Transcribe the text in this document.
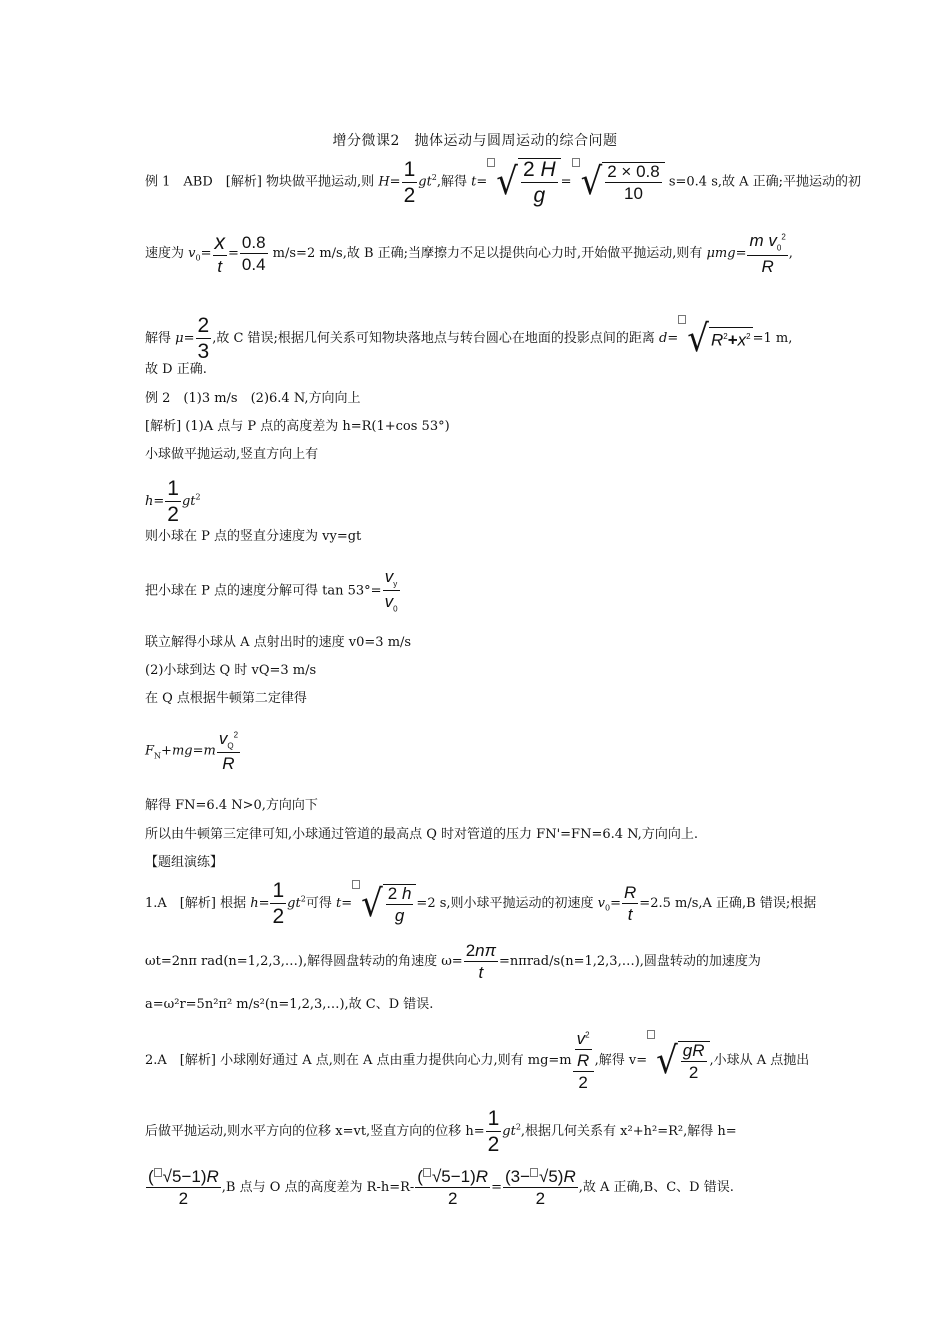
增分微课2　抛体运动与圆周运动的综合问题
例 1　ABD　[解析] 物块做平抛运动,则 $H= \frac{1}{2} gt^2$,解得 t= √ $\frac{2 H}{g}$ = √ $\frac{2 \times 0.8}{10} s=0.4$ s,故 A 正确;平抛运动的初
速度为 $v_0= \frac{x}{t} = \frac{0.8}{0.4} m/s=2$ m/s,故 B 正确;当摩擦力不足以提供向心力时,开始做平抛运动,则有 $\mu mg= \frac{m v_0^2}{R}$ ,
解得 $\mu= \frac{2}{3}$ ,故 C 错误;根据几何关系可知物块落地点与转台圆心在地面的投影点间的距离 d= √ $R^2+x^2 =1$ m,
故 D 正确.
例 2　(1)3 m/s　(2)6.4 N,方向向上
[解析] (1)A 点与 P 点的高度差为 h=R(1+cos 53°)
小球做平抛运动,竖直方向上有
$h= \frac{1}{2} gt^2$
则小球在 P 点的竖直分速度为 vy=gt
把小球在 P 点的速度分解可得 $\tan 53^\circ= \frac{v_y}{v_0}$
联立解得小球从 A 点射出时的速度 v0=3 m/s
(2)小球到达 Q 时 vQ=3 m/s
在 Q 点根据牛顿第二定律得
$F_N+mg=m \frac{v_Q^2}{R}$
解得 FN=6.4 N>0,方向向下
所以由牛顿第三定律可知,小球通过管道的最高点 Q 时对管道的压力 FN'=FN=6.4 N,方向向上.
【题组演练】
1.A　[解析] 根据 $h= \frac{1}{2} gt^2$可得 t= √ $\frac{2 h}{g} =2$ s,则小球平抛运动的初速度 $v_0= \frac{R}{t} =2.5$ m/s,A 正确,B 错误;根据
ωt=2nπ rad(n=1,2,3,…),解得圆盘转动的角速度 $\omega= \frac{2n\pi}{t}$ =nπrad/s(n=1,2,3,…),圆盘转动的加速度为
a=ω²r=5n²π² m/s²(n=1,2,3,…),故 C、D 错误.
2.A　[解析] 小球刚好通过 A 点,则在 A 点由重力提供向心力,则有 $mg=m \frac{\frac{v^2}{R}}{2}$ ,解得 v= √ $\frac{gR}{2}$ ,小球从 A 点抛出
后做平抛运动,则水平方向的位移 x=vt,竖直方向的位移 $h= \frac{1}{2} gt^2$,根据几何关系有 x²+h²=R²,解得 h=
$\frac{( √5-1)R}{2} ,B$ 点与 O 点的高度差为 $R-h=R- \frac{( √5-1)R}{2} = \frac{(3- √5)R}{2}$ ,故 A 正确,B、C、D 错误.
